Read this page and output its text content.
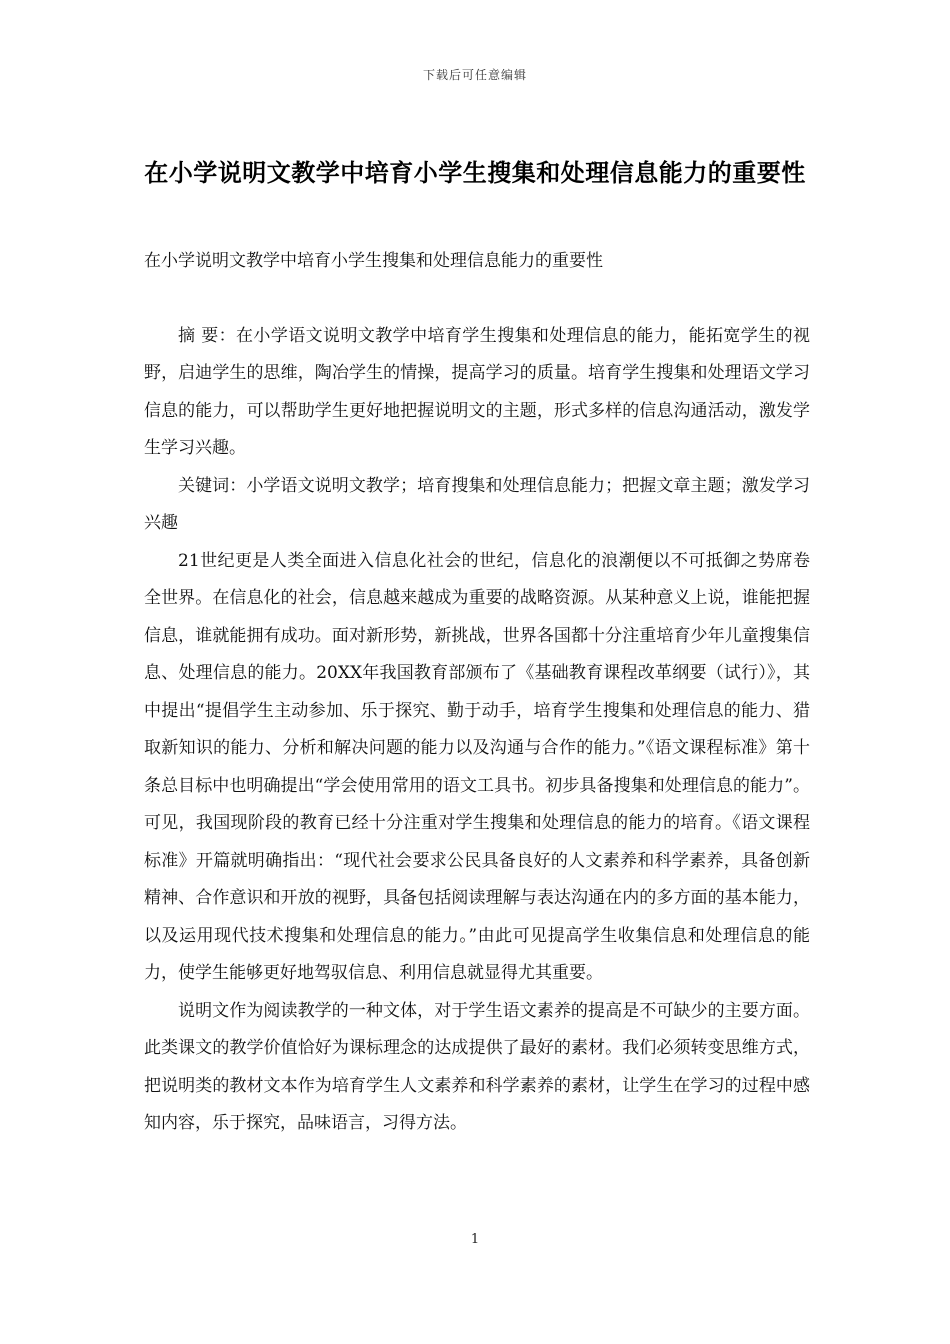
下载后可任意编辑
在小学说明文教学中培育小学生搜集和处理信息能力的重要性

在小学说明文教学中培育小学生搜集和处理信息能力的重要性

摘 要：在小学语文说明文教学中培育学生搜集和处理信息的能力，能拓宽学生的视野，启迪学生的思维，陶冶学生的情操，提高学习的质量。培育学生搜集和处理语文学习信息的能力，可以帮助学生更好地把握说明文的主题，形式多样的信息沟通活动，激发学生学习兴趣。

关键词：小学语文说明文教学；培育搜集和处理信息能力；把握文章主题；激发学习兴趣

21世纪更是人类全面进入信息化社会的世纪，信息化的浪潮便以不可抵御之势席卷全世界。在信息化的社会，信息越来越成为重要的战略资源。从某种意义上说，谁能把握信息，谁就能拥有成功。面对新形势，新挑战，世界各国都十分注重培育少年儿童搜集信息、处理信息的能力。20XX年我国教育部颁布了《基础教育课程改革纲要（试行）》，其中提出“提倡学生主动参加、乐于探究、勤于动手，培育学生搜集和处理信息的能力、猎取新知识的能力、分析和解决问题的能力以及沟通与合作的能力。”《语文课程标准》第十条总目标中也明确提出“学会使用常用的语文工具书。初步具备搜集和处理信息的能力”。可见，我国现阶段的教育已经十分注重对学生搜集和处理信息的能力的培育。《语文课程标准》开篇就明确指出：“现代社会要求公民具备良好的人文素养和科学素养，具备创新精神、合作意识和开放的视野，具备包括阅读理解与表达沟通在内的多方面的基本能力，以及运用现代技术搜集和处理信息的能力。”由此可见提高学生收集信息和处理信息的能力，使学生能够更好地驾驭信息、利用信息就显得尤其重要。

说明文作为阅读教学的一种文体，对于学生语文素养的提高是不可缺少的主要方面。此类课文的教学价值恰好为课标理念的达成提供了最好的素材。我们必须转变思维方式，把说明类的教材文本作为培育学生人文素养和科学素养的素材，让学生在学习的过程中感知内容，乐于探究，品味语言，习得方法。

1
